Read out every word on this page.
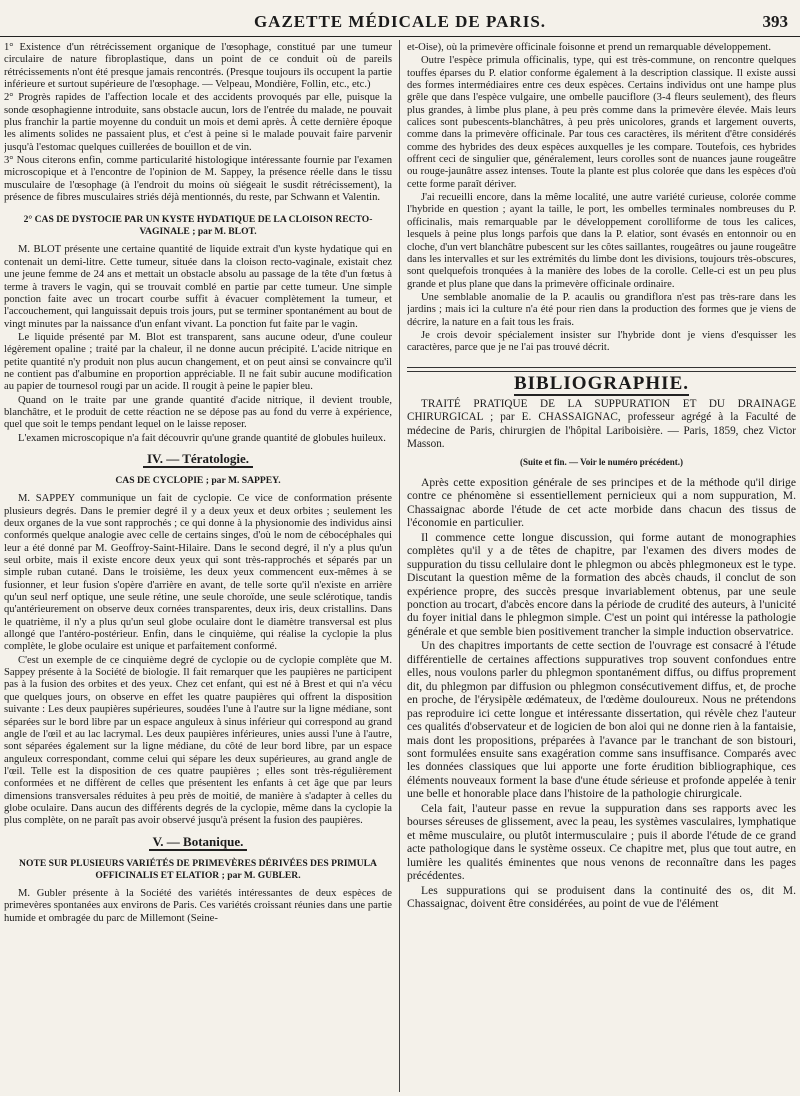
GAZETTE MÉDICALE DE PARIS.	393

1° Existence d'un rétrécissement organique de l'œsophage, constitué par une tumeur circulaire de nature fibroplastique, dans un point de ce conduit où de pareils rétrécissements n'ont été presque jamais rencontrés. (Presque toujours ils occupent la partie inférieure et surtout supérieure de l'œsophage. — Velpeau, Mondière, Follin, etc., etc.)

2° Progrès rapides de l'affection locale et des accidents provoqués par elle, puisque la sonde œsophagienne introduite, sans obstacle aucun, lors de l'entrée du malade, ne pouvait plus franchir la partie moyenne du conduit un mois et demi après. À cette dernière époque les aliments solides ne passaient plus, et c'est à peine si le malade pouvait faire parvenir jusqu'à l'estomac quelques cuillerées de bouillon et de vin.

3° Nous citerons enfin, comme particularité histologique intéressante fournie par l'examen microscopique et à l'encontre de l'opinion de M. Sappey, la présence réelle dans le tissu musculaire de l'œsophage (à l'endroit du moins où siégeait le susdit rétrécissement), la présence de fibres musculaires striés déjà mentionnés, du reste, par Schwann et Valentin.

2° CAS DE DYSTOCIE PAR UN KYSTE HYDATIQUE DE LA CLOISON RECTO-VAGINALE ; par M. BLOT.

M. BLOT présente une certaine quantité de liquide extrait d'un kyste hydatique qui en contenait un demi-litre. Cette tumeur, située dans la cloison recto-vaginale, existait chez une jeune femme de 24 ans et mettait un obstacle absolu au passage de la tête d'un fœtus à terme à travers le vagin, qui se trouvait comblé en partie par cette tumeur. Une simple ponction faite avec un trocart courbe suffit à évacuer complètement la tumeur, et l'accouchement, qui languissait depuis trois jours, put se terminer spontanément au bout de vingt minutes par la naissance d'un enfant vivant. La ponction fut faite par le vagin.

Le liquide présenté par M. Blot est transparent, sans aucune odeur, d'une couleur légèrement opaline ; traité par la chaleur, il ne donne aucun précipité. L'acide nitrique en petite quantité n'y produit non plus aucun changement, et on peut ainsi se convaincre qu'il ne contient pas d'albumine en proportion appréciable. Il ne fait subir aucune modification au papier de tournesol rougi par un acide. Il rougit à peine le papier bleu.

Quand on le traite par une grande quantité d'acide nitrique, il devient trouble, blanchâtre, et le produit de cette réaction ne se dépose pas au fond du verre à expérience, quel que soit le temps pendant lequel on le laisse reposer.

L'examen microscopique n'a fait découvrir qu'une grande quantité de globules huileux.

IV. — Tératologie.
CAS DE CYCLOPIE ; par M. SAPPEY.

M. SAPPEY communique un fait de cyclopie. Ce vice de conformation présente plusieurs degrés. Dans le premier degré il y a deux yeux et deux orbites ; seulement les deux organes de la vue sont rapprochés ; ce qui donne à la physionomie des individus ainsi conformés quelque analogie avec celle de certains singes, d'où le nom de cébocéphales qui leur a été donné par M. Geoffroy-Saint-Hilaire. Dans le second degré, il n'y a plus qu'un seul orbite, mais il existe encore deux yeux qui sont très-rapprochés et séparés par un simple ruban cutané. Dans le troisième, les deux yeux commencent eux-mêmes à se fusionner, et leur fusion s'opère d'arrière en avant, de telle sorte qu'il n'existe en arrière qu'un seul nerf optique, une seule rétine, une seule choroïde, une seule sclérotique, tandis qu'antérieurement on observe deux cornées transparentes, deux iris, deux cristallins. Dans le quatrième, il n'y a plus qu'un seul globe oculaire dont le diamètre transversal est plus allongé que l'antéro-postérieur. Enfin, dans le cinquième, qui réalise la cyclopie la plus complète, le globe oculaire est unique et parfaitement conformé.

C'est un exemple de ce cinquième degré de cyclopie ou de cyclopie complète que M. Sappey présente à la Société de biologie. Il fait remarquer que les paupières ne participent pas à la fusion des orbites et des yeux. Chez cet enfant, qui est né à Brest et qui n'a vécu que quelques jours, on observe en effet les quatre paupières qui offrent la disposition suivante : Les deux paupières supérieures, soudées l'une à l'autre sur la ligne médiane, sont séparées sur le bord libre par un espace anguleux à sinus inférieur qui correspond au grand angle de l'œil et au lac lacrymal. Les deux paupières inférieures, unies aussi l'une à l'autre, sont séparées également sur la ligne médiane, du côté de leur bord libre, par un espace anguleux correspondant, comme celui qui sépare les deux supérieures, au grand angle de l'œil. Telle est la disposition de ces quatre paupières ; elles sont très-régulièrement conformées et ne diffèrent de celles que présentent les enfants à cet âge que par leurs dimensions transversales réduites à peu près de moitié, de manière à s'adapter à celles du globe oculaire. Dans aucun des différents degrés de la cyclopie, même dans la cyclopie la plus complète, on ne paraît pas avoir observé jusqu'à présent la fusion des paupières.

V. — Botanique.
NOTE SUR PLUSIEURS VARIÉTÉS DE PRIMEVÈRES DÉRIVÉES DES PRIMULA OFFICINALIS ET ELATIOR ; par M. GUBLER.

M. Gubler présente à la Société des variétés intéressantes de deux espèces de primevères spontanées aux environs de Paris. Ces variétés croissant réunies dans une partie humide et ombragée du parc de Millemont (Seine-

et-Oise), où la primevère officinale foisonne et prend un remarquable développement.

Outre l'espèce primula officinalis, type, qui est très-commune, on rencontre quelques touffes éparses du P. elatior conforme également à la description classique. Il existe aussi des formes intermédiaires entre ces deux espèces. Certains individus ont une hampe plus grêle que dans l'espèce vulgaire, une ombelle pauciflore (3-4 fleurs seulement), des fleurs plus grandes, à limbe plus plane, à peu près comme dans la primevère élevée. Mais leurs calices sont pubescents-blanchâtres, à peu près unicolores, grands et largement ouverts, comme dans la primevère officinale. Par tous ces caractères, ils méritent d'être considérés comme des hybrides des deux espèces auxquelles je les compare. Toutefois, ces hybrides offrent ceci de singulier que, généralement, leurs corolles sont de nuances jaune rougeâtre ou rouge-jaunâtre assez intenses. Toute la plante est plus colorée que dans les espèces d'où cette forme paraît dériver.

J'ai recueilli encore, dans la même localité, une autre variété curieuse, colorée comme l'hybride en question ; ayant la taille, le port, les ombelles terminales nombreuses du P. officinalis, mais remarquable par le développement corolliforme de tous les calices, lesquels à peine plus longs parfois que dans la P. elatior, sont évasés en entonnoir ou en cloche, d'un vert blanchâtre pubescent sur les côtes saillantes, rougeâtres ou jaune rougeâtre dans les intervalles et sur les extrémités du limbe dont les divisions, toujours très-obscures, sont quelquefois tronquées à la manière des lobes de la corolle. Celle-ci est un peu plus grande et plus plane que dans la primevère officinale ordinaire.

Une semblable anomalie de la P. acaulis ou grandiflora n'est pas très-rare dans les jardins ; mais ici la culture n'a été pour rien dans la production des formes que je viens de décrire, la nature en a fait tous les frais.

Je crois devoir spécialement insister sur l'hybride dont je viens d'esquisser les caractères, parce que je ne l'ai pas trouvé décrit.

BIBLIOGRAPHIE.

TRAITÉ PRATIQUE DE LA SUPPURATION ET DU DRAINAGE CHIRURGICAL ; par E. CHASSAIGNAC, professeur agrégé à la Faculté de médecine de Paris, chirurgien de l'hôpital Lariboisière. — Paris, 1859, chez Victor Masson.

(Suite et fin. — Voir le numéro précédent.)

Après cette exposition générale de ses principes et de la méthode qu'il dirige contre ce phénomène si essentiellement pernicieux qui a nom suppuration, M. Chassaignac aborde l'étude de cet acte morbide dans chacun des tissus de l'économie en particulier.

Il commence cette longue discussion, qui forme autant de monographies complètes qu'il y a de têtes de chapitre, par l'examen des divers modes de suppuration du tissu cellulaire dont le phlegmon ou abcès phlegmoneux est le type. Discutant la question même de la formation des abcès chauds, il conclut de son expérience propre, des succès presque invariablement obtenus, par une seule ponction au trocart, d'abcès encore dans la période de crudité des auteurs, à l'unicité du foyer initial dans le phlegmon simple. C'est un point qui intéresse la pathologie générale et que semble bien positivement trancher la simple induction observatrice.

Un des chapitres importants de cette section de l'ouvrage est consacré à l'étude différentielle de certaines affections suppuratives trop souvent confondues entre elles, nous voulons parler du phlegmon spontanément diffus, ou diffus proprement dit, du phlegmon par diffusion ou phlegmon consécutivement diffus, et, de proche en proche, de l'érysipèle œdémateux, de l'œdème douloureux. Nous ne prétendons pas reproduire ici cette longue et intéressante dissertation, qui révèle chez l'auteur ces qualités d'observateur et de logicien de bon aloi qui ne donne rien à la fantaisie, mais dont les propositions, préparées à l'avance par le tranchant de son bistouri, sont formulées ensuite sans exagération comme sans insuffisance. Comparés avec les données classiques que lui apporte une forte érudition bibliographique, ces éléments nouveaux forment la base d'une étude sérieuse et profonde appelée à tenir une belle et honorable place dans l'histoire de la pathologie chirurgicale.

Cela fait, l'auteur passe en revue la suppuration dans ses rapports avec les bourses séreuses de glissement, avec la peau, les systèmes vasculaires, lymphatique et même musculaire, ou plutôt intermusculaire ; puis il aborde l'étude de ce grand acte pathologique dans le système osseux. Ce chapitre met, plus que tout autre, en lumière les qualités éminentes que nous venons de reconnaître dans les pages précédentes.

Les suppurations qui se produisent dans la continuité des os, dit M. Chassaignac, doivent être considérées, au point de vue de l'élément
